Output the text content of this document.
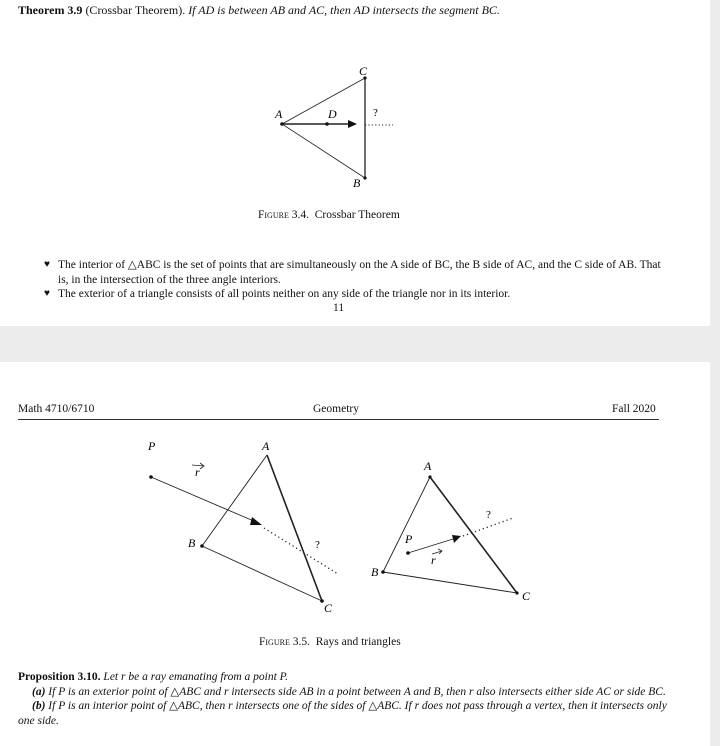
Theorem 3.9 (Crossbar Theorem). If AD is between AB and AC, then AD intersects the segment BC.
A	D
C
B
?
Figure 3.4. Crossbar Theorem
♥ The interior of △ABC is the set of points that are simultaneously on the A side of BC, the B side of AC, and the C side of AB. That is, in the intersection of the three angle interiors.
♥ The exterior of a triangle consists of all points neither on any side of the triangle nor in its interior.
11
Math 4710/6710	Geometry	Fall 2020
P	A
B
C
r
?	P
A
B
C
r
?
Figure 3.5. Rays and triangles

Proposition 3.10. Let r be a ray emanating from a point P.

(a) If P is an exterior point of △ABC and r intersects side AB in a point between A and B, then r also intersects either side AC or side BC.

(b) If P is an interior point of △ABC, then r intersects one of the sides of △ABC. If r does not pass through a vertex, then it intersects only one side.
